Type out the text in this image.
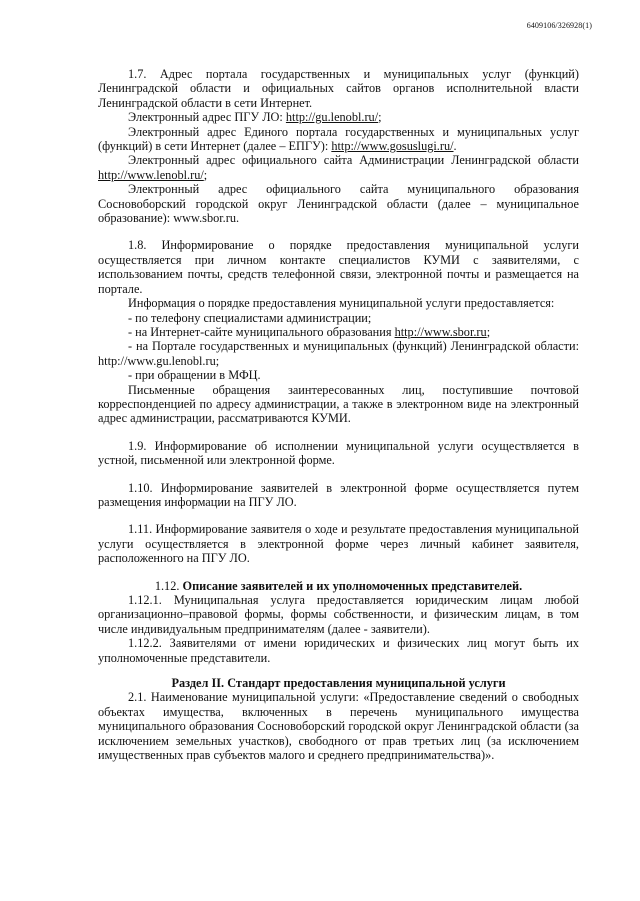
6409106/326928(1)

1.7. Адрес портала государственных и муниципальных услуг (функций) Ленинградской области и официальных сайтов органов исполнительной власти Ленинградской области в сети Интернет.

Электронный адрес ПГУ ЛО: http://gu.lenobl.ru/;

Электронный адрес Единого портала государственных и муниципальных услуг (функций) в сети Интернет (далее – ЕПГУ): http://www.gosuslugi.ru/.

Электронный адрес официального сайта Администрации Ленинградской области http://www.lenobl.ru/;

Электронный адрес официального сайта муниципального образования Сосновоборский городской округ Ленинградской области (далее – муниципальное образование): www.sbor.ru.

1.8. Информирование о порядке предоставления муниципальной услуги осуществляется при личном контакте специалистов КУМИ с заявителями, с использованием почты, средств телефонной связи, электронной почты и размещается на портале.

Информация о порядке предоставления муниципальной услуги предоставляется:

- по телефону специалистами администрации;

- на Интернет-сайте муниципального образования http://www.sbor.ru;

- на Портале государственных и муниципальных (функций) Ленинградской области: http://www.gu.lenobl.ru;

- при обращении в МФЦ.

Письменные обращения заинтересованных лиц, поступившие почтовой корреспонденцией по адресу администрации, а также в электронном виде на электронный адрес администрации, рассматриваются КУМИ.

1.9. Информирование об исполнении муниципальной услуги осуществляется в устной, письменной или электронной форме.

1.10. Информирование заявителей в электронной форме осуществляется путем размещения информации на ПГУ ЛО.

1.11. Информирование заявителя о ходе и результате предоставления муниципальной услуги осуществляется в электронной форме через личный кабинет заявителя, расположенного на ПГУ ЛО.

1.12. Описание заявителей и их уполномоченных представителей.

1.12.1. Муниципальная услуга предоставляется юридическим лицам любой организационно–правовой формы, формы собственности, и физическим лицам, в том числе индивидуальным предпринимателям (далее - заявители).

1.12.2. Заявителями от имени юридических и физических лиц могут быть их уполномоченные представители.

Раздел II. Стандарт предоставления муниципальной услуги

2.1. Наименование муниципальной услуги: «Предоставление сведений о свободных объектах имущества, включенных в перечень муниципального имущества муниципального образования Сосновоборский городской округ Ленинградской области (за исключением земельных участков), свободного от прав третьих лиц (за исключением имущественных прав субъектов малого и среднего предпринимательства)».
